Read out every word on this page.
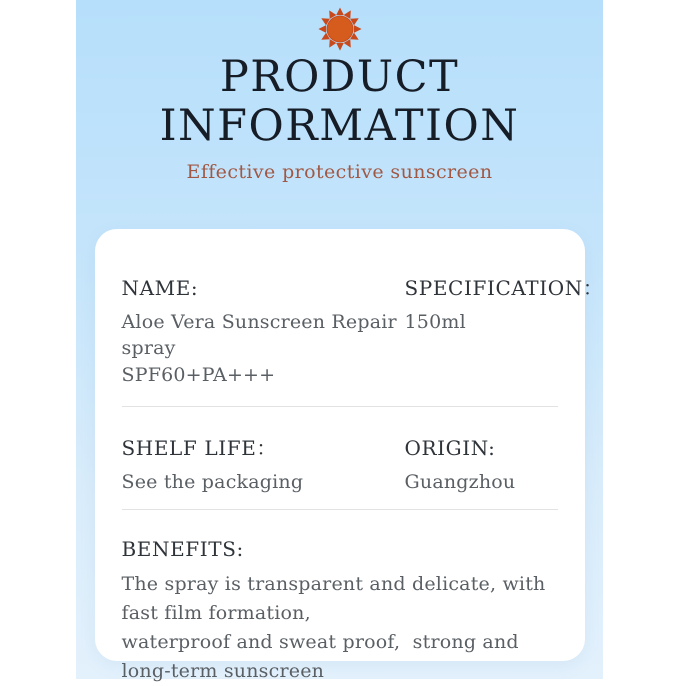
PRODUCT
INFORMATION
Effective protective sunscreen
NAME:
Aloe Vera Sunscreen Repair spray
SPF60+PA+++
SPECIFICATION：
150ml
SHELF LIFE：
See the packaging
ORIGIN:
Guangzhou
BENEFITS:
The spray is transparent and delicate, with fast film formation,
waterproof and sweat proof,  strong and long-term sunscreen
